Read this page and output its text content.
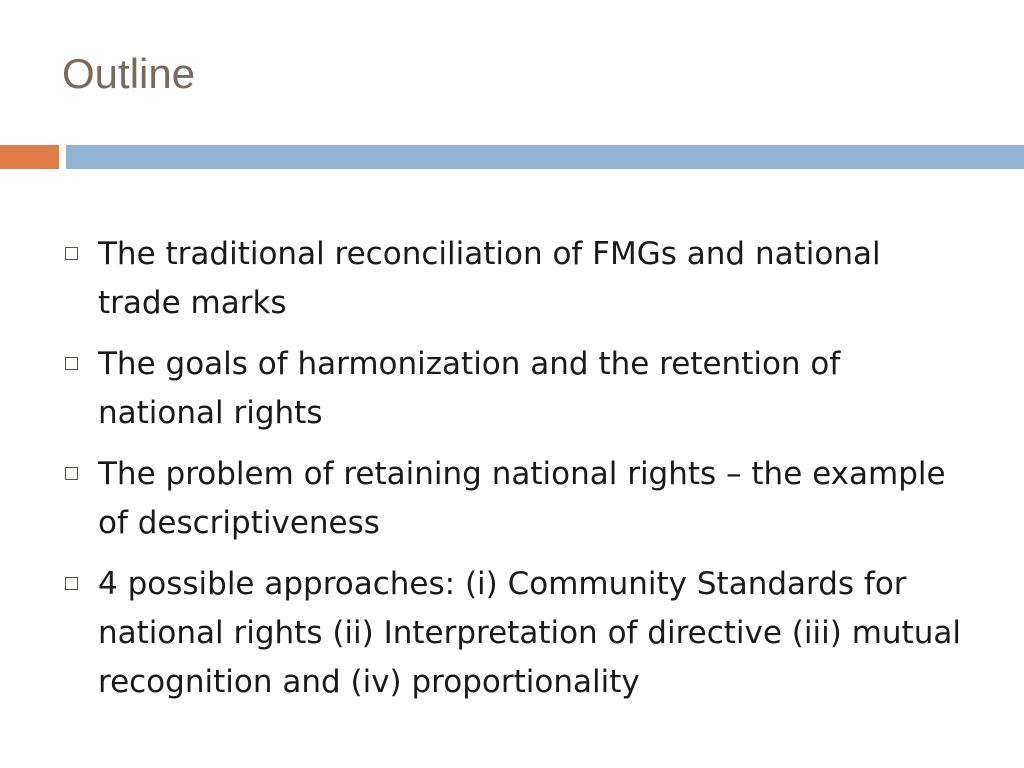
Outline
The traditional reconciliation of FMGs and national trade marks
The goals of harmonization and the retention of national rights
The problem of retaining national rights – the example of descriptiveness
4 possible approaches: (i) Community Standards for national rights (ii) Interpretation of directive (iii) mutual recognition and (iv) proportionality
